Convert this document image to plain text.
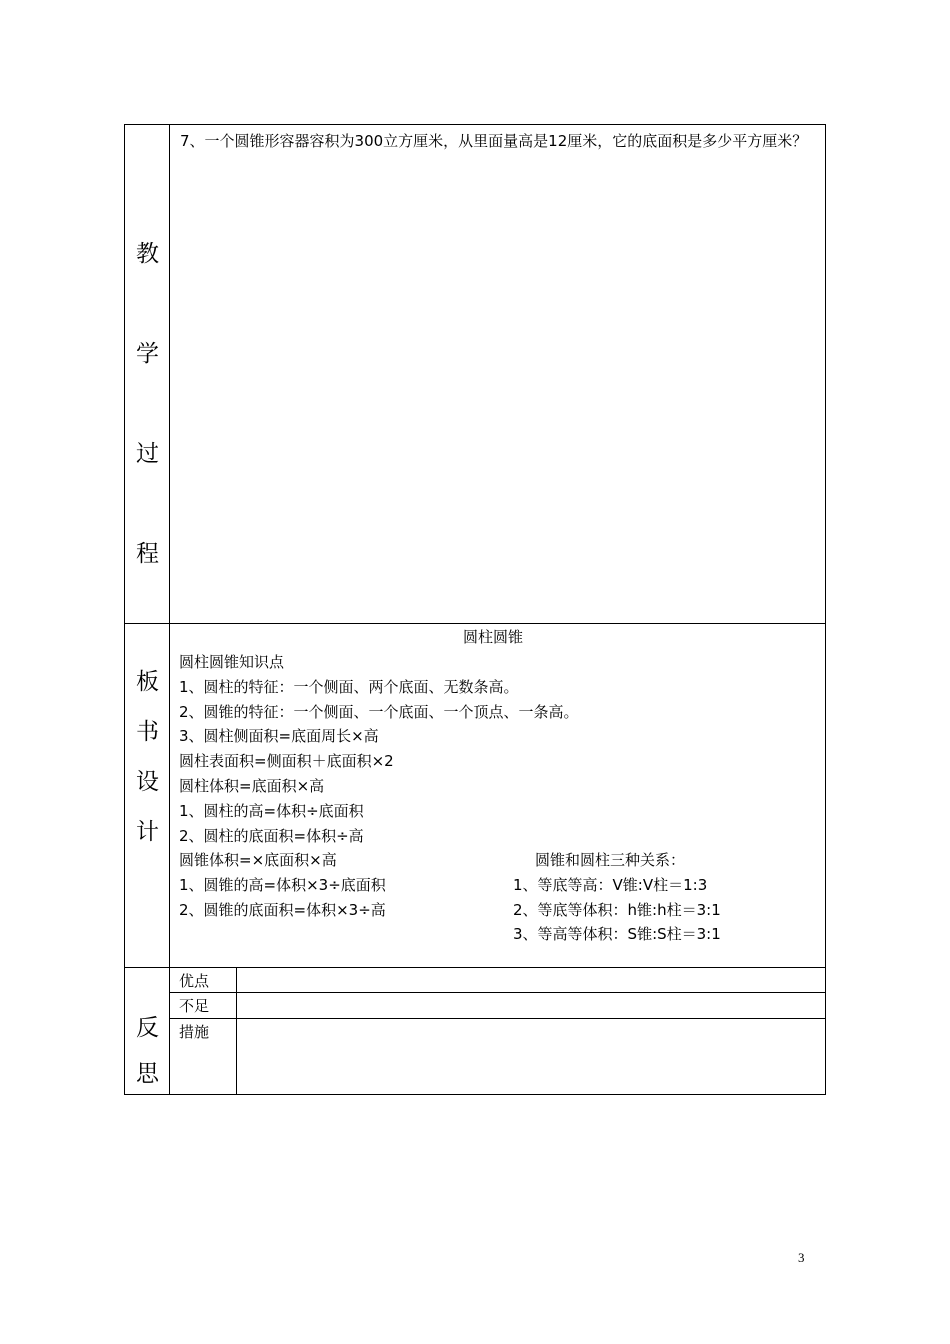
教
学
过
程
7、一个圆锥形容器容积为300立方厘米，从里面量高是12厘米，它的底面积是多少平方厘米？
板
书
设
计
圆柱圆锥
圆柱圆锥知识点
1、圆柱的特征：一个侧面、两个底面、无数条高。
2、圆锥的特征：一个侧面、一个底面、一个顶点、一条高。
3、圆柱侧面积=底面周长×高
圆柱表面积=侧面积＋底面积×2
圆柱体积=底面积×高
1、圆柱的高=体积÷底面积
2、圆柱的底面积=体积÷高
圆锥体积=×底面积×高
1、圆锥的高=体积×3÷底面积
2、圆锥的底面积=体积×3÷高
圆锥和圆柱三种关系：
1、等底等高：V锥:V柱＝1:3
2、等底等体积：h锥:h柱＝3:1
3、等高等体积：S锥:S柱＝3:1
反
思
优点
不足
措施
3
